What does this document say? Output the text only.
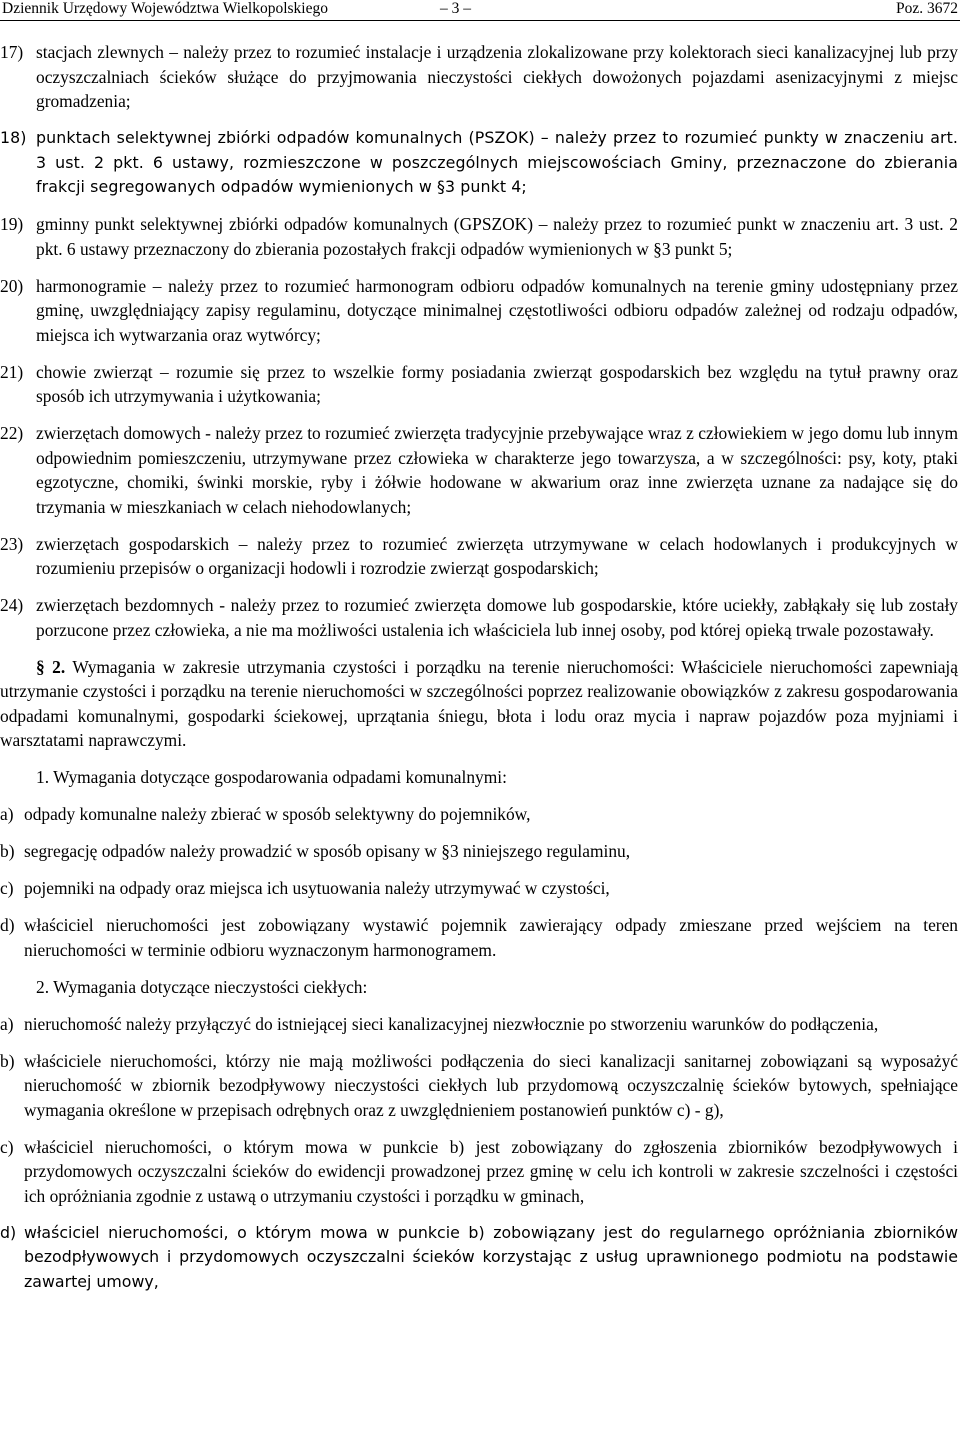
Dziennik Urzędowy Województwa Wielkopolskiego	– 3 –	Poz. 3672
17) stacjach zlewnych – należy przez to rozumieć instalacje i urządzenia zlokalizowane przy kolektorach sieci kanalizacyjnej lub przy oczyszczalniach ścieków służące do przyjmowania nieczystości ciekłych dowożonych pojazdami asenizacyjnymi z miejsc gromadzenia;
18) punktach selektywnej zbiórki odpadów komunalnych (PSZOK) – należy przez to rozumieć punkty w znaczeniu art. 3 ust. 2 pkt. 6 ustawy, rozmieszczone w poszczególnych miejscowościach Gminy, przeznaczone do zbierania frakcji segregowanych odpadów wymienionych w §3 punkt 4;
19) gminny punkt selektywnej zbiórki odpadów komunalnych (GPSZOK) – należy przez to rozumieć punkt w znaczeniu art. 3 ust. 2 pkt. 6 ustawy przeznaczony do zbierania pozostałych frakcji odpadów wymienionych w §3 punkt 5;
20) harmonogramie – należy przez to rozumieć harmonogram odbioru odpadów komunalnych na terenie gminy udostępniany przez gminę, uwzględniający zapisy regulaminu, dotyczące minimalnej częstotliwości odbioru odpadów zależnej od rodzaju odpadów, miejsca ich wytwarzania oraz wytwórcy;
21) chowie zwierząt – rozumie się przez to wszelkie formy posiadania zwierząt gospodarskich bez względu na tytuł prawny oraz sposób ich utrzymywania i użytkowania;
22) zwierzętach domowych - należy przez to rozumieć zwierzęta tradycyjnie przebywające wraz z człowiekiem w jego domu lub innym odpowiednim pomieszczeniu, utrzymywane przez człowieka w charakterze jego towarzysza, a w szczególności: psy, koty, ptaki egzotyczne, chomiki, świnki morskie, ryby i żółwie hodowane w akwarium oraz inne zwierzęta uznane za nadające się do trzymania w mieszkaniach w celach niehodowlanych;
23) zwierzętach gospodarskich – należy przez to rozumieć zwierzęta utrzymywane w celach hodowlanych i produkcyjnych w rozumieniu przepisów o organizacji hodowli i rozrodzie zwierząt gospodarskich;
24) zwierzętach bezdomnych - należy przez to rozumieć zwierzęta domowe lub gospodarskie, które uciekły, zabłąkały się lub zostały porzucone przez człowieka, a nie ma możliwości ustalenia ich właściciela lub innej osoby, pod której opieką trwale pozostawały.
§ 2. Wymagania w zakresie utrzymania czystości i porządku na terenie nieruchomości: Właściciele nieruchomości zapewniają utrzymanie czystości i porządku na terenie nieruchomości w szczególności poprzez realizowanie obowiązków z zakresu gospodarowania odpadami komunalnymi, gospodarki ściekowej, uprzątania śniegu, błota i lodu oraz mycia i napraw pojazdów poza myjniami i warsztatami naprawczymi.
1. Wymagania dotyczące gospodarowania odpadami komunalnymi:
a) odpady komunalne należy zbierać w sposób selektywny do pojemników,
b) segregację odpadów należy prowadzić w sposób opisany w §3 niniejszego regulaminu,
c) pojemniki na odpady oraz miejsca ich usytuowania należy utrzymywać w czystości,
d) właściciel nieruchomości jest zobowiązany wystawić pojemnik zawierający odpady zmieszane przed wejściem na teren nieruchomości w terminie odbioru wyznaczonym harmonogramem.
2. Wymagania dotyczące nieczystości ciekłych:
a) nieruchomość należy przyłączyć do istniejącej sieci kanalizacyjnej niezwłocznie po stworzeniu warunków do podłączenia,
b) właściciele nieruchomości, którzy nie mają możliwości podłączenia do sieci kanalizacji sanitarnej zobowiązani są wyposażyć nieruchomość w zbiornik bezodpływowy nieczystości ciekłych lub przydomową oczyszczalnię ścieków bytowych, spełniające wymagania określone w przepisach odrębnych oraz z uwzględnieniem postanowień punktów c) - g),
c) właściciel nieruchomości, o którym mowa w punkcie b) jest zobowiązany do zgłoszenia zbiorników bezodpływowych i przydomowych oczyszczalni ścieków do ewidencji prowadzonej przez gminę w celu ich kontroli w zakresie szczelności i częstości ich opróżniania zgodnie z ustawą o utrzymaniu czystości i porządku w gminach,
d) właściciel nieruchomości, o którym mowa w punkcie b) zobowiązany jest do regularnego opróżniania zbiorników bezodpływowych i przydomowych oczyszczalni ścieków korzystając z usług uprawnionego podmiotu na podstawie zawartej umowy,
